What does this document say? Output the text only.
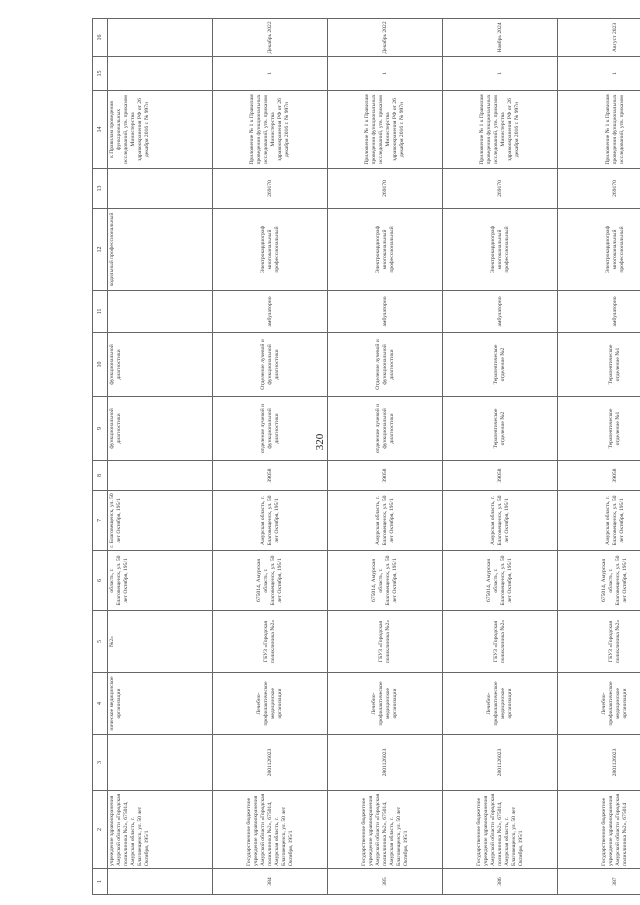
320
1	2	3	4	5	6	7	8	9	10	11	12	13	14	15	16
	учреждение здравоохранения Амурской области «Городская поликлиника №2», 675014, Амурская область, г. Благовещенск, ул. 50 лет Октября, 195/1		ническое медицинское организации	№2»	область, г. Благовещенск, ул. 50 лет Октября, 195/1	г. Благовещенск, ул. 50 лет Октября, 195/1		функциональной диагностики	функциональной диагностики		ходильный профессиональный		к Правилам проведения функциональных исследований, утв. приказом Министерства здравоохранения РФ от 26 декабря 2016 г. № 997н		
384	Государственное бюджетное учреждение здравоохранения Амурской области «Городская поликлиника №2», 675014, Амурская область, г. Благовещенск, ул. 50 лет Октября, 195/1	2801126023	Лечебно-профилактическое медицинское организации	ГБУЗ «Городская поликлиника №2»	675014, Амурская область, г. Благовещенск, ул. 50 лет Октября, 195/1	Амурская область, г. Благовещенск, ул. 50 лет Октября, 195/1	39058	отделение лучевой и функциональной диагностики	Отделение лучевой и функциональной диагностики	амбулаторно	Электрокардиограф многоканальный профессиональный	269170	Приложение № 1 к Правилам проведения функциональных исследований, утв. приказом Министерства здравоохранения РФ от 26 декабря 2016 г. № 997н	1	Декабрь 2022
385	Государственное бюджетное учреждение здравоохранения Амурской области «Городская поликлиника №2», 675014, Амурская область, г. Благовещенск, ул. 50 лет Октября, 195/1	2801126023	Лечебно-профилактическое медицинское организации	ГБУЗ «Городская поликлиника №2»	675014, Амурская область, г. Благовещенск, ул. 50 лет Октября, 195/1	Амурская область, г. Благовещенск, ул. 50 лет Октября, 195/1	39058	отделение лучевой и функциональной диагностики	Отделение лучевой и функциональной диагностики	амбулаторно	Электрокардиограф многоканальный профессиональный	269170	Приложение № 1 к Правилам проведения функциональных исследований, утв. приказом Министерства здравоохранения РФ от 26 декабря 2016 г. № 997н	1	Декабрь 2022
386	Государственное бюджетное учреждение здравоохранения Амурской области «Городская поликлиника №2», 675014, Амурская область, г. Благовещенск, ул. 50 лет Октября, 195/1	2801126023	Лечебно-профилактическое медицинское организации	ГБУЗ «Городская поликлиника №2»	675014, Амурская область, г. Благовещенск, ул. 50 лет Октября, 195/1	Амурская область, г. Благовещенск, ул. 50 лет Октября, 195/1	39058	Терапевтическое отделение №2	Терапевтическое отделение №2	амбулаторно	Электрокардиограф многоканальный профессиональный	269170	Приложение № 1 к Правилам проведения функциональных исследований, утв. приказом Министерства здравоохранения РФ от 26 декабря 2016 г. № 997н	1	Ноябрь 2024
387	Государственное бюджетное учреждение здравоохранения Амурской области «Городская поликлиника №2», 675014	2801126023	Лечебно-профилактическое медицинское организации	ГБУЗ «Городская поликлиника №2»	675014, Амурская область, г. Благовещенск, ул. 50 лет Октября, 195/1	Амурская область, г. Благовещенск, ул. 50 лет Октября, 195/1	39058	Терапевтическое отделение №1	Терапевтическое отделение №1	амбулаторно	Электрокардиограф многоканальный профессиональный	269170	Приложение № 1 к Правилам проведения функциональных исследований, утв. приказом	1	Август 2023
